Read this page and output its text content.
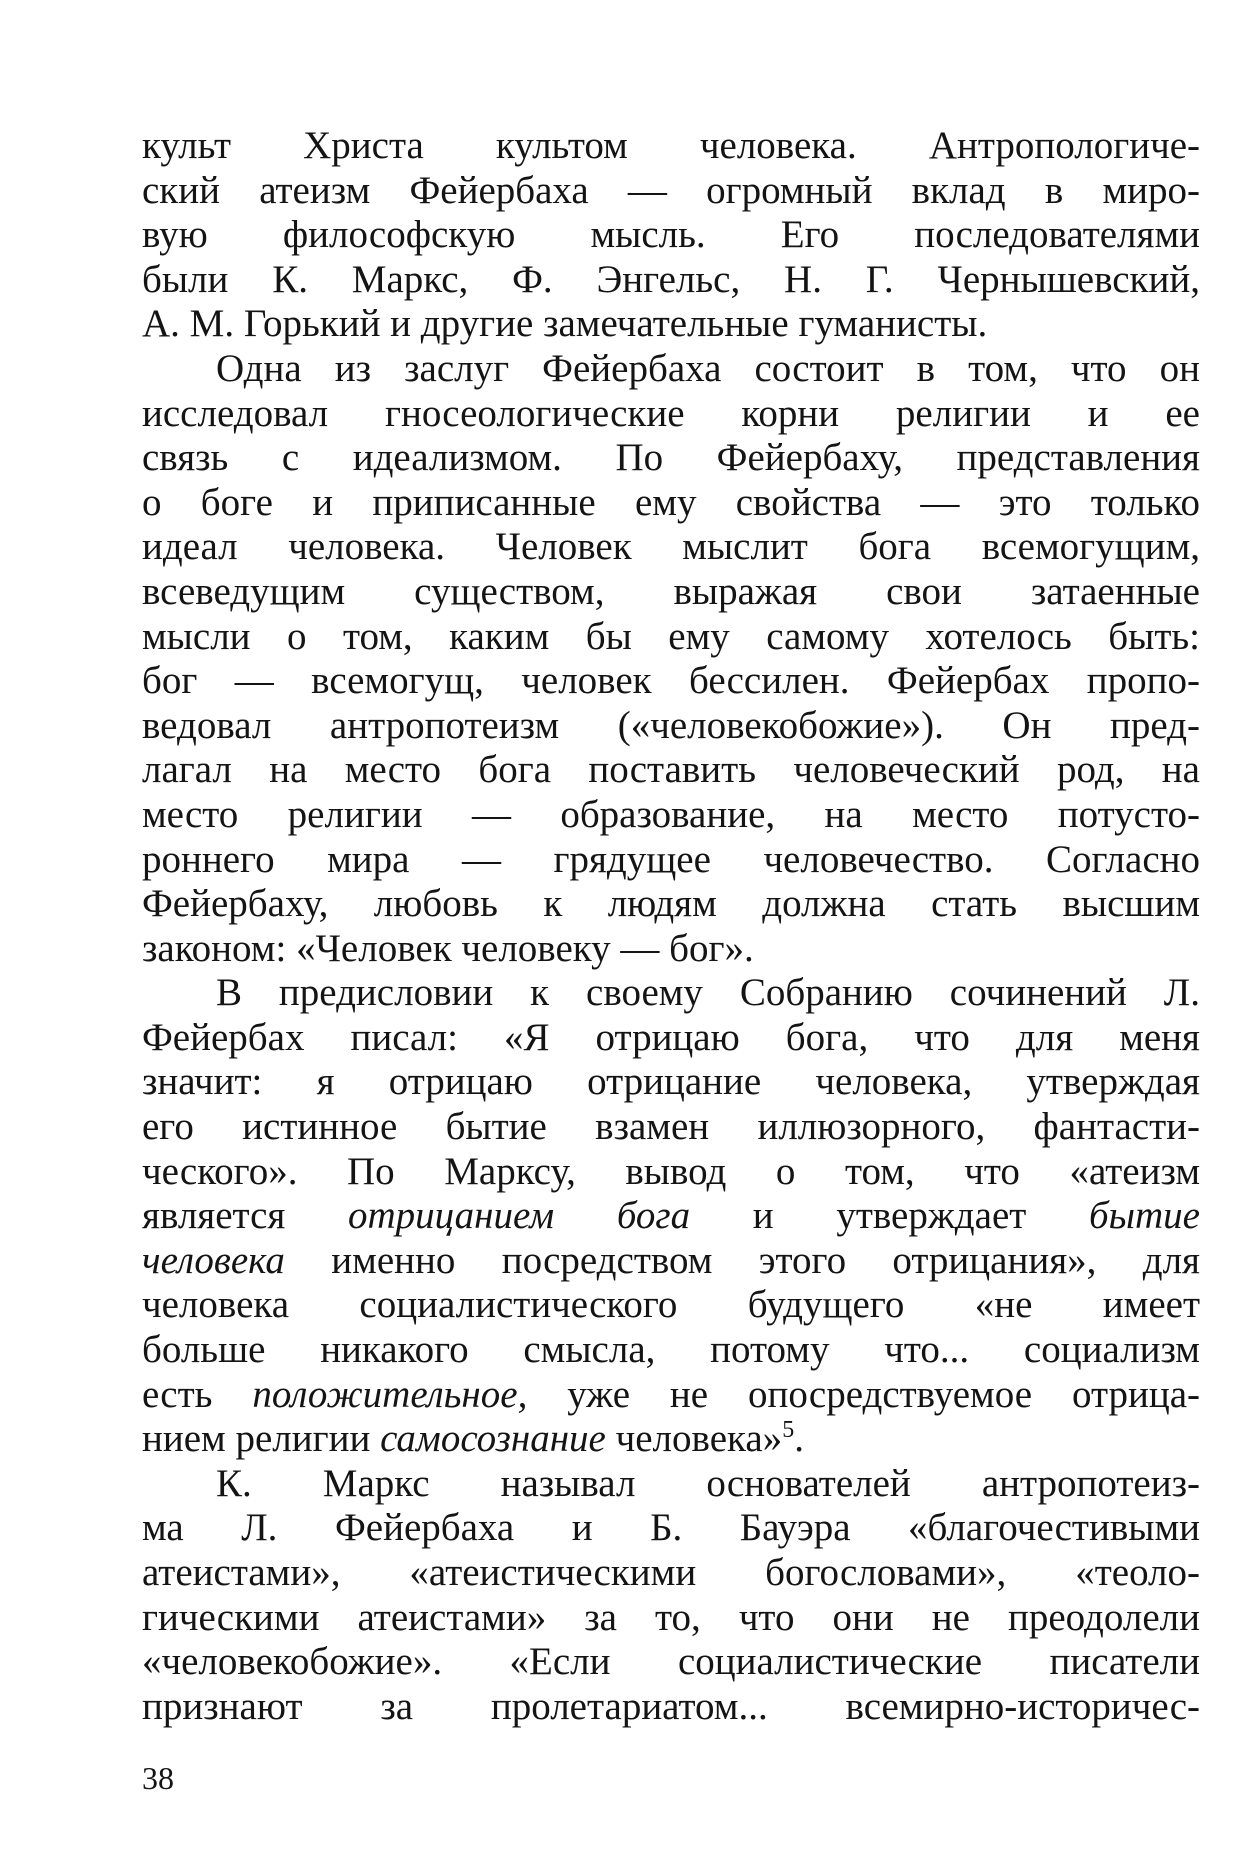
культ Христа культом человека. Антропологиче-
ский атеизм Фейербаха — огромный вклад в миро-
вую философскую мысль. Его последователями
были К. Маркс, Ф. Энгельс, Н. Г. Чернышевский,
А. М. Горький и другие замечательные гуманисты.
Одна из заслуг Фейербаха состоит в том, что он
исследовал гносеологические корни религии и ее
связь с идеализмом. По Фейербаху, представления
о боге и приписанные ему свойства — это только
идеал человека. Человек мыслит бога всемогущим,
всеведущим существом, выражая свои затаенные
мысли о том, каким бы ему самому хотелось быть:
бог — всемогущ, человек бессилен. Фейербах пропо-
ведовал антропотеизм («человекобожие»). Он пред-
лагал на место бога поставить человеческий род, на
место религии — образование, на место потусто-
роннего мира — грядущее человечество. Согласно
Фейербаху, любовь к людям должна стать высшим
законом: «Человек человеку — бог».
В предисловии к своему Собранию сочинений Л.
Фейербах писал: «Я отрицаю бога, что для меня
значит: я отрицаю отрицание человека, утверждая
его истинное бытие взамен иллюзорного, фантасти-
ческого». По Марксу, вывод о том, что «атеизм
является отрицанием бога и утверждает бытие
человека именно посредством этого отрицания», для
человека социалистического будущего «не имеет
больше никакого смысла, потому что... социализм
есть положительное, уже не опосредствуемое отрица-
нием религии самосознание человека»$^5$.
К. Маркс называл основателей антропотеиз-
ма Л. Фейербаха и Б. Бауэра «благочестивыми
атеистами», «атеистическими богословами», «теоло-
гическими атеистами» за то, что они не преодолели
«человекобожие». «Если социалистические писатели
признают за пролетариатом... всемирно-историчес-
38
